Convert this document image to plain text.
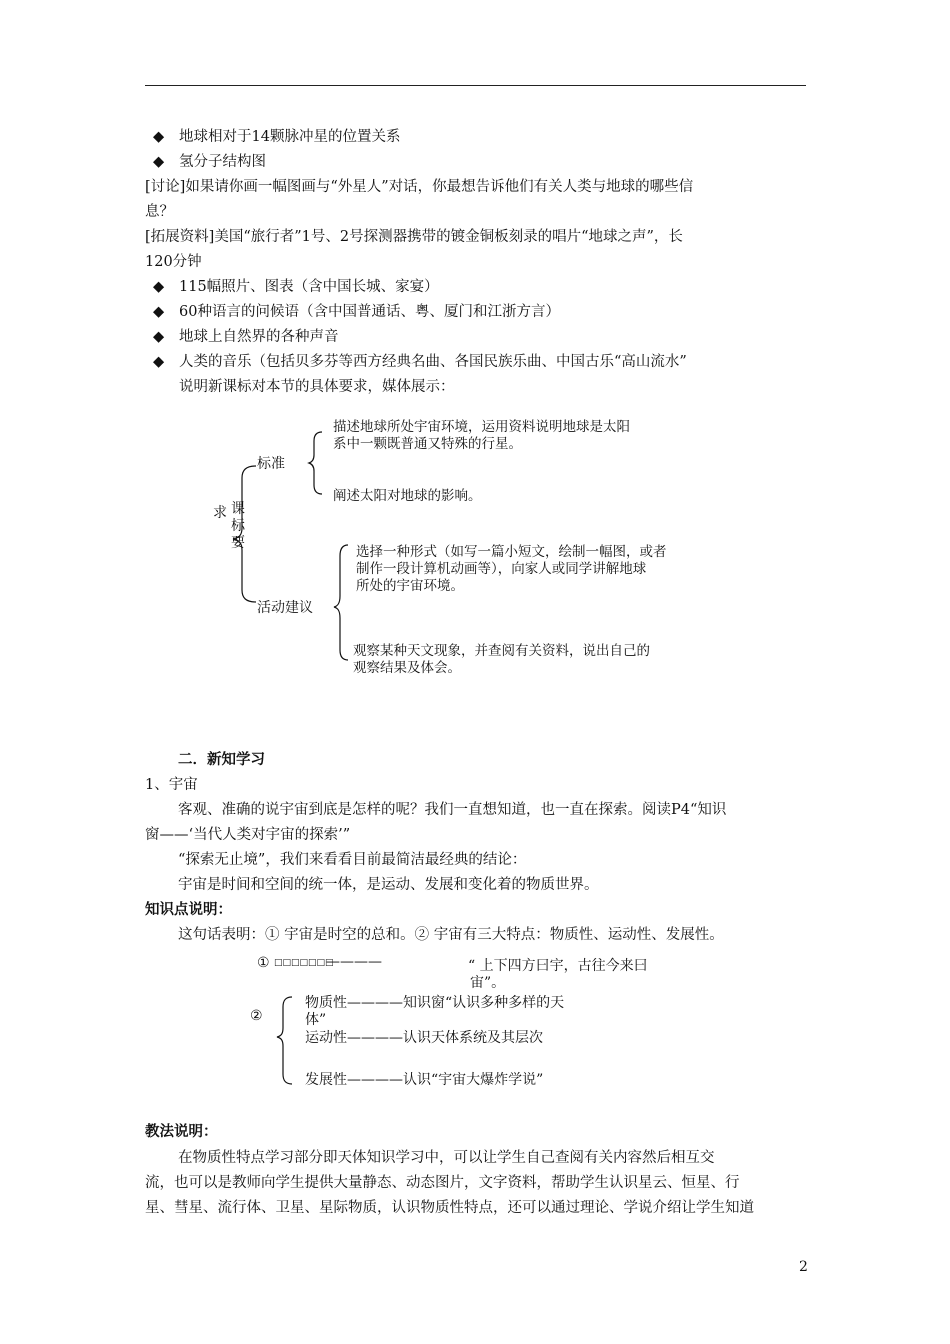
◆ 地球相对于14颗脉冲星的位置关系
◆ 氢分子结构图
[讨论]如果请你画一幅图画与“外星人”对话，你最想告诉他们有关人类与地球的哪些信
息？
[拓展资料]美国“旅行者”1号、2号探测器携带的镀金铜板刻录的唱片“地球之声”，长
120分钟
◆ 115幅照片、图表（含中国长城、家宴）
◆ 60种语言的问候语（含中国普通话、粤、厦门和江浙方言）
◆ 地球上自然界的各种声音
◆ 人类的音乐（包括贝多芬等西方经典名曲、各国民族乐曲、中国古乐“高山流水”
说明新课标对本节的具体要求，媒体展示：
求 课
标
要
标准
描述地球所处宇宙环境，运用资料说明地球是太阳
系中一颗既普通又特殊的行星。
阐述太阳对地球的影响。
活动建议
选择一种形式（如写一篇小短文，绘制一幅图，或者
制作一段计算机动画等），向家人或同学讲解地球
所处的宇宙环境。
观察某种天文现象，并查阅有关资料，说出自己的
观察结果及体会。
二．新知学习
1、宇宙
客观、准确的说宇宙到底是怎样的呢？我们一直想知道，也一直在探索。阅读P4“知识
窗——‘当代人类对宇宙的探索’”
“探索无止境”，我们来看看目前最简洁最经典的结论：
宇宙是时间和空间的统一体，是运动、发展和变化着的物质世界。
知识点说明：
这句话表明：① 宇宙是时空的总和。② 宇宙有三大特点：物质性、运动性、发展性。
① □□□□□□□
————	“ 上下四方曰宇，古往今来曰
宙”。
②
物质性————知识窗“认识多种多样的天
体”
运动性————认识天体系统及其层次
发展性————认识“宇宙大爆炸学说”
教法说明：
在物质性特点学习部分即天体知识学习中，可以让学生自己查阅有关内容然后相互交
流，也可以是教师向学生提供大量静态、动态图片，文字资料，帮助学生认识星云、恒星、行
星、彗星、流行体、卫星、星际物质，认识物质性特点，还可以通过理论、学说介绍让学生知道
2
